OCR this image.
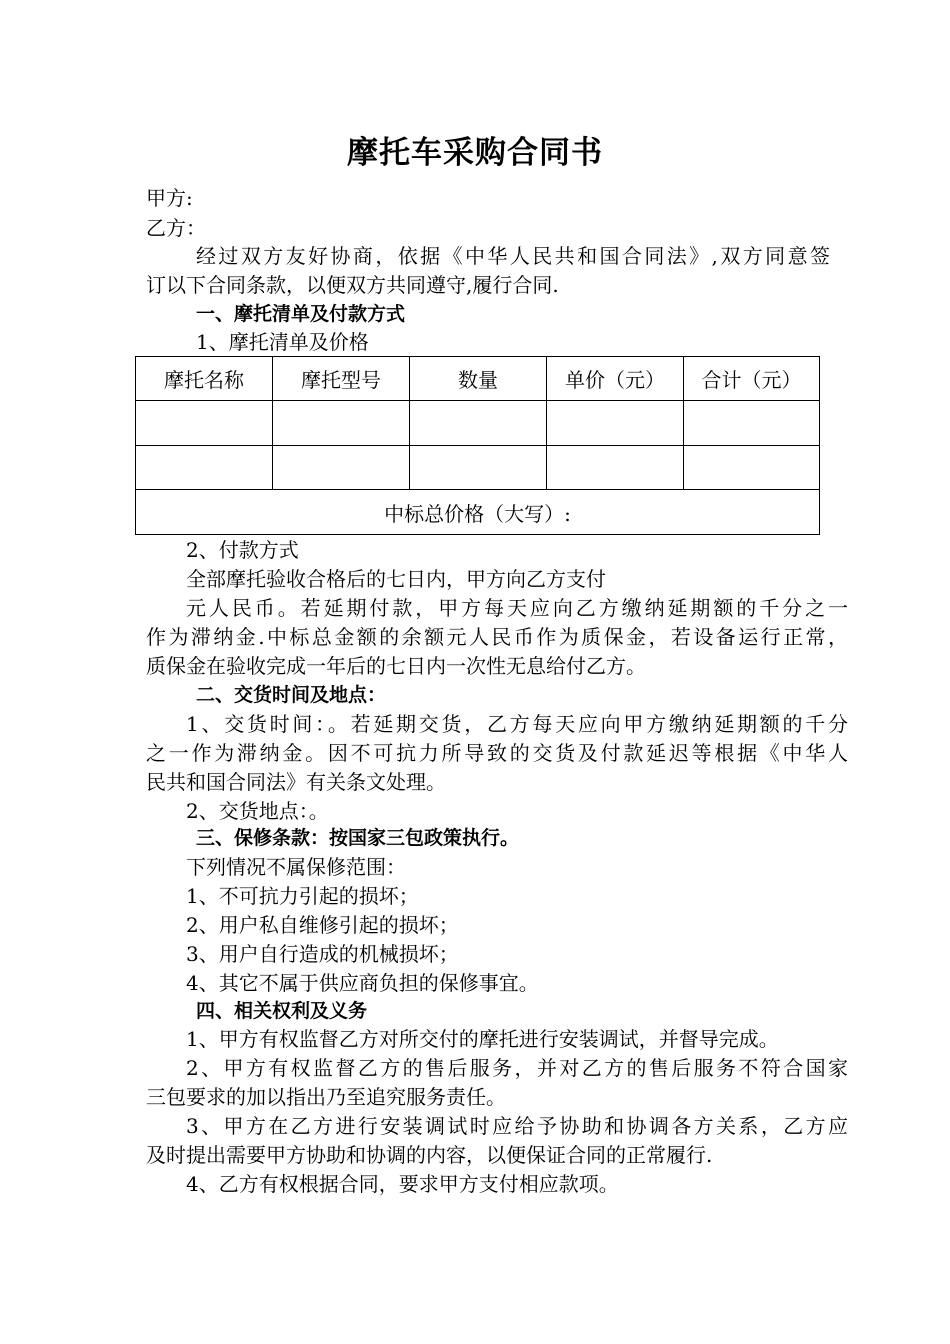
摩托车采购合同书
甲方:
乙方：
经过双方友好协商，依据《中华人民共和国合同法》,双方同意签
订以下合同条款，以便双方共同遵守,履行合同.
一、摩托清单及付款方式
1、摩托清单及价格
摩托名称	摩托型号	数量	单价（元）	合计（元）

中标总价格（大写）:				
2、付款方式
全部摩托验收合格后的七日内，甲方向乙方支付
元人民币。若延期付款，甲方每天应向乙方缴纳延期额的千分之一
作为滞纳金.中标总金额的余额元人民币作为质保金，若设备运行正常，
质保金在验收完成一年后的七日内一次性无息给付乙方。
二、交货时间及地点：
1、交货时间：。若延期交货，乙方每天应向甲方缴纳延期额的千分
之一作为滞纳金。因不可抗力所导致的交货及付款延迟等根据《中华人
民共和国合同法》有关条文处理。
2、交货地点：。
三、保修条款：按国家三包政策执行。
下列情况不属保修范围：
1、不可抗力引起的损坏；
2、用户私自维修引起的损坏；
3、用户自行造成的机械损坏；
4、其它不属于供应商负担的保修事宜。
四、相关权利及义务
1、甲方有权监督乙方对所交付的摩托进行安装调试，并督导完成。
2、甲方有权监督乙方的售后服务，并对乙方的售后服务不符合国家
三包要求的加以指出乃至追究服务责任。
3、甲方在乙方进行安装调试时应给予协助和协调各方关系，乙方应
及时提出需要甲方协助和协调的内容，以便保证合同的正常履行.
4、乙方有权根据合同，要求甲方支付相应款项。
